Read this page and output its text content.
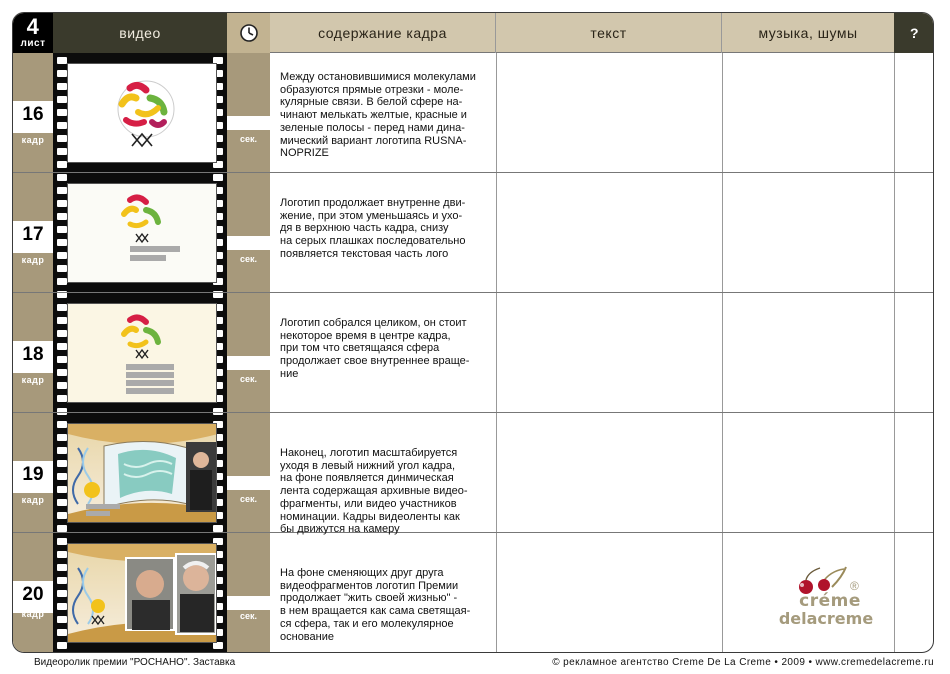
4
лист
видео	содержание кадра	текст	музыка, шумы	?
16
кадр	сек.
Между остановившимися молекулами
образуются прямые отрезки - моле-
кулярные связи. В белой сфере на-
чинают мелькать желтые, красные и
зеленые полосы - перед нами дина-
мический вариант логотипа RUSNA-
NOPRIZE
17
кадр	сек.
Логотип продолжает внутренне дви-
жение, при этом уменьшаясь и ухо-
дя в верхнюю часть кадра, снизу
на серых плашках последовательно
появляется текстовая часть лого
18
кадр	сек.
Логотип собрался целиком, он стоит
некоторое время в центре кадра,
при том что светящаяся сфера
продолжает свое внутреннее враще-
ние
19
кадр	сек.
Наконец, логотип масштабируется
уходя в левый нижний угол кадра,
на фоне появляется динмическая
лента содержащая архивные видео-
фрагменты, или видео участников
номинации. Кадры видеоленты как
бы движутся на камеру
20
кадр	сек.
На фоне сменяющих друг друга
видеофрагментов логотип Премии
продолжает "жить своей жизнью" -
в нем вращается как сама светящая-
ся сфера, так и его молекулярное
основание
créme
delacreme
®
Видеоролик премии "РОСНАНО". Заставка	© рекламное агентство Creme De La Creme • 2009 • www.cremedelacreme.ru
